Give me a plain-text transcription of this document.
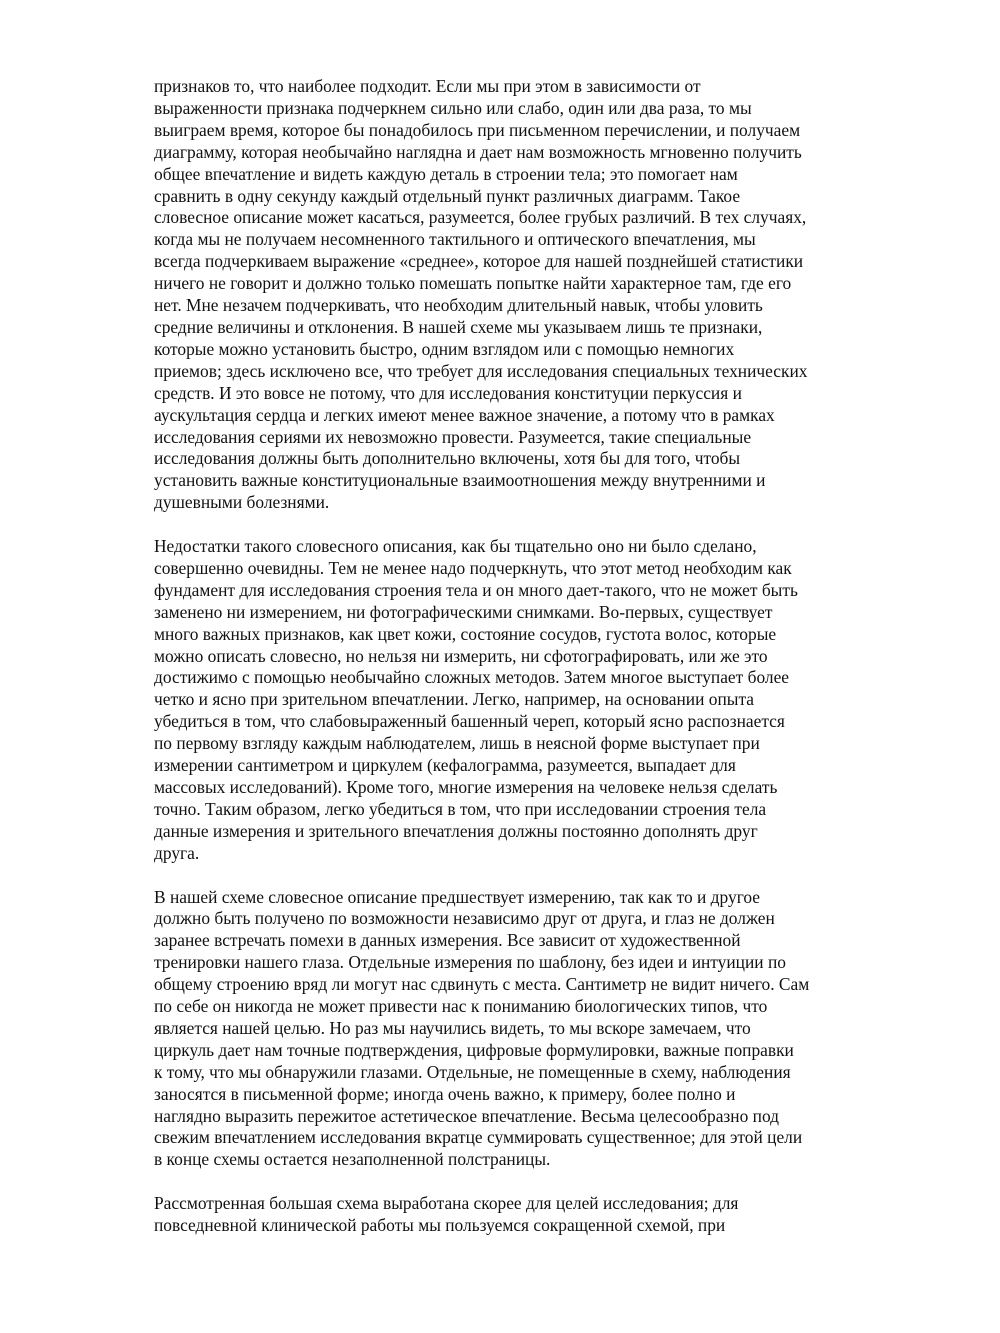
признаков то, что наиболее подходит. Если мы при этом в зависимости от
выраженности признака подчеркнем сильно или слабо, один или два раза, то мы
выиграем время, которое бы понадобилось при письменном перечислении, и получаем
диаграмму, которая необычайно наглядна и дает нам возможность мгновенно получить
общее впечатление и видеть каждую деталь в строении тела; это помогает нам
сравнить в одну секунду каждый отдельный пункт различных диаграмм. Такое
словесное описание может касаться, разумеется, более грубых различий. В тех случаях,
когда мы не получаем несомненного тактильного и оптического впечатления, мы
всегда подчеркиваем выражение «среднее», которое для нашей позднейшей статистики
ничего не говорит и должно только помешать попытке найти характерное там, где его
нет. Мне незачем подчеркивать, что необходим длительный навык, чтобы уловить
средние величины и отклонения. В нашей схеме мы указываем лишь те признаки,
которые можно установить быстро, одним взглядом или с помощью немногих
приемов; здесь исключено все, что требует для исследования специальных технических
средств. И это вовсе не потому, что для исследования конституции перкуссия и
аускультация сердца и легких имеют менее важное значение, а потому что в рамках
исследования сериями их невозможно провести. Разумеется, такие специальные
исследования должны быть дополнительно включены, хотя бы для того, чтобы
установить важные конституциональные взаимоотношения между внутренними и
душевными болезнями.
Недостатки такого словесного описания, как бы тщательно оно ни было сделано,
совершенно очевидны. Тем не менее надо подчеркнуть, что этот метод необходим как
фундамент для исследования строения тела и он много дает-такого, что не может быть
заменено ни измерением, ни фотографическими снимками. Во-первых, существует
много важных признаков, как цвет кожи, состояние сосудов, густота волос, которые
можно описать словесно, но нельзя ни измерить, ни сфотографировать, или же это
достижимо с помощью необычайно сложных методов. Затем многое выступает более
четко и ясно при зрительном впечатлении. Легко, например, на основании опыта
убедиться в том, что слабовыраженный башенный череп, который ясно распознается
по первому взгляду каждым наблюдателем, лишь в неясной форме выступает при
измерении сантиметром и циркулем (кефалограмма, разумеется, выпадает для
массовых исследований). Кроме того, многие измерения на человеке нельзя сделать
точно. Таким образом, легко убедиться в том, что при исследовании строения тела
данные измерения и зрительного впечатления должны постоянно дополнять друг
друга.
В нашей схеме словесное описание предшествует измерению, так как то и другое
должно быть получено по возможности независимо друг от друга, и глаз не должен
заранее встречать помехи в данных измерения. Все зависит от художественной
тренировки нашего глаза. Отдельные измерения по шаблону, без идеи и интуиции по
общему строению вряд ли могут нас сдвинуть с места. Сантиметр не видит ничего. Сам
по себе он никогда не может привести нас к пониманию биологических типов, что
является нашей целью. Но раз мы научились видеть, то мы вскоре замечаем, что
циркуль дает нам точные подтверждения, цифровые формулировки, важные поправки
к тому, что мы обнаружили глазами. Отдельные, не помещенные в схему, наблюдения
заносятся в письменной форме; иногда очень важно, к примеру, более полно и
наглядно выразить пережитое астетическое впечатление. Весьма целесообразно под
свежим впечатлением исследования вкратце суммировать существенное; для этой цели
в конце схемы остается незаполненной полстраницы.
Рассмотренная большая схема выработана скорее для целей исследования; для
повседневной клинической работы мы пользуемся сокращенной схемой, при
